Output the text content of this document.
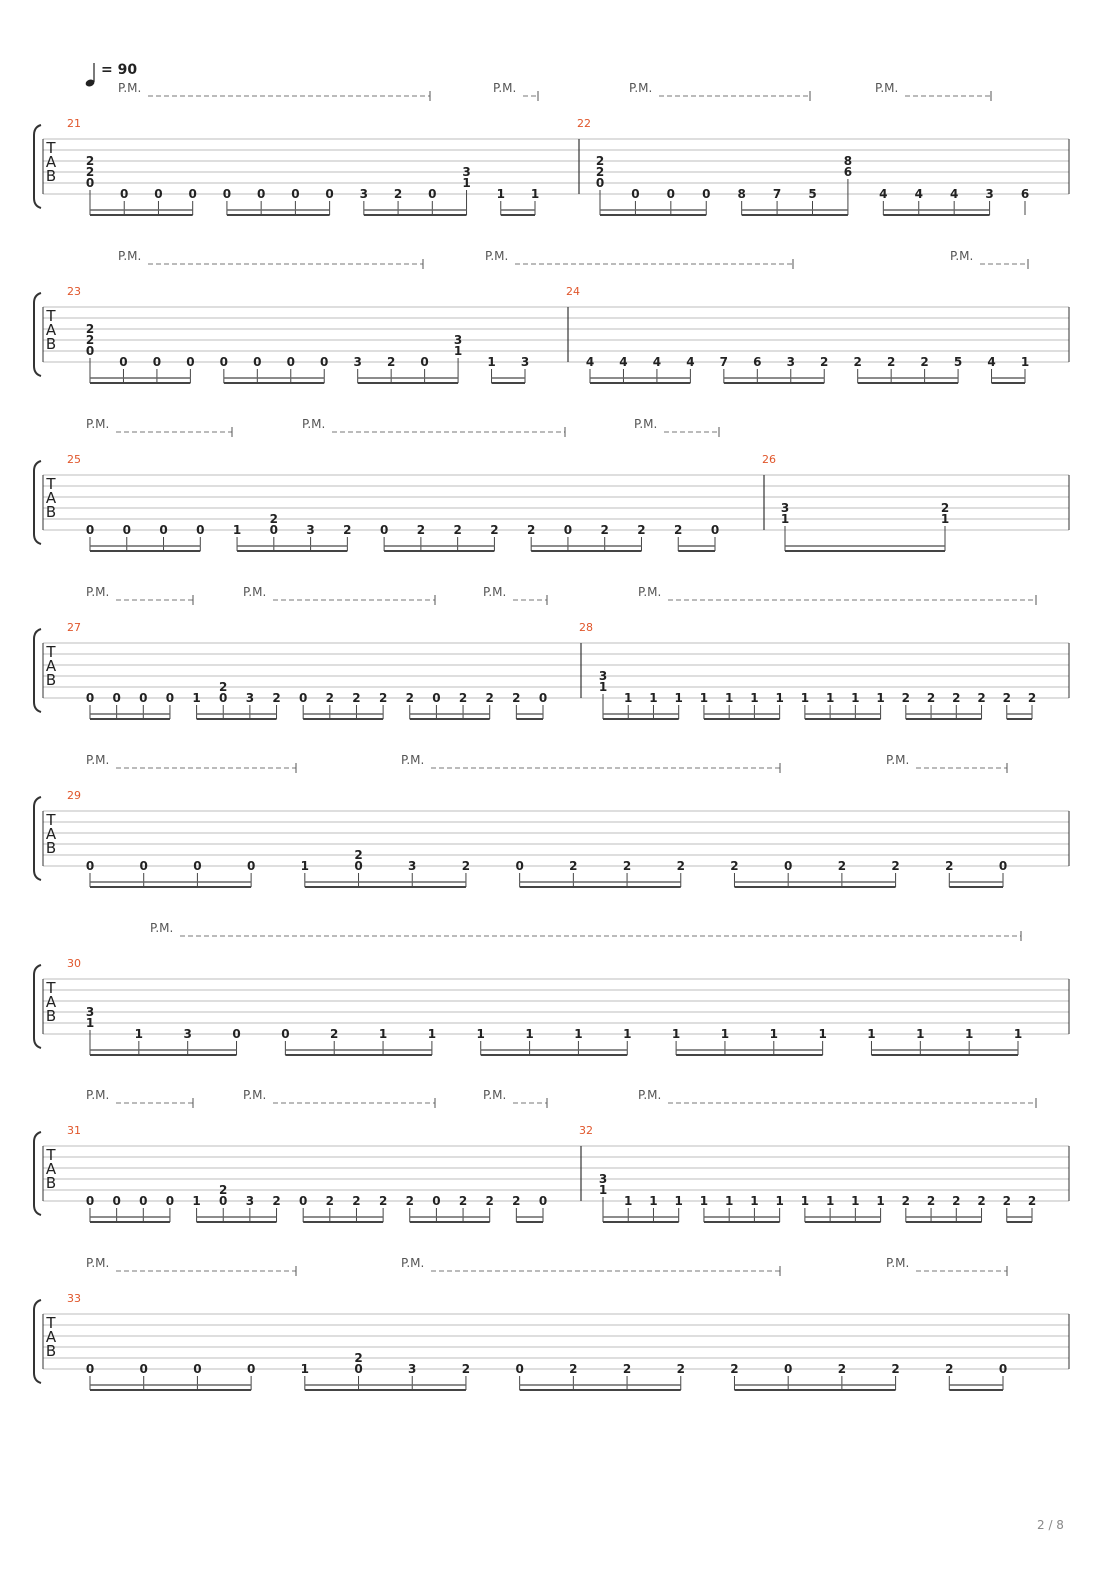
= 90
T
A
B
P.M.	P.M.	P.M.	P.M.
21
2
2
0
0 0 0 0 0 0 0 3 2 0
3
1
1 1
22
2
2
0
0 0 0 8 7 5
8
6
4 4 4 3 6
T
A
B
P.M.	P.M.	P.M.
23
2
2
0
0 0 0 0 0 0 0 3 2 0
3
1
1 3
24
4 4 4 4 7 6 3 2 2 2 2 5 4 1
T
A
B
P.M.	P.M.	P.M.
25
0 0 0 0 1
2
0 3 2 0 2 2 2 2 0 2 2 2 0
26
3
1
2
1
T
A
B
P.M.	P.M.	P.M.	P.M.
27
0 0 0 0 1
2
0 3 2 0 2 2 2 2 0 2 2 2 0
28
3
1
1 1 1 1 1 1 1 1 1 1 1 2 2 2 2 2 2
T
A
B
P.M.	P.M.	P.M.
29
0	0	0	0	1
2
0	3	2	0	2	2	2	2	0	2	2	2	0
T
A
B
P.M.
30
3
1
1	3	0	0	2	1	1	1	1	1	1	1	1	1	1	1	1	1	1
T
A
B
P.M.	P.M.	P.M.	P.M.
31
0 0 0 0 1
2
0 3 2 0 2 2 2 2 0 2 2 2 0
32
3
1
1 1 1 1 1 1 1 1 1 1 1 2 2 2 2 2 2
T
A
B
P.M.	P.M.	P.M.
33
0	0	0	0	1
2
0	3	2	0	2	2	2	2	0	2	2	2	0
2 / 8
